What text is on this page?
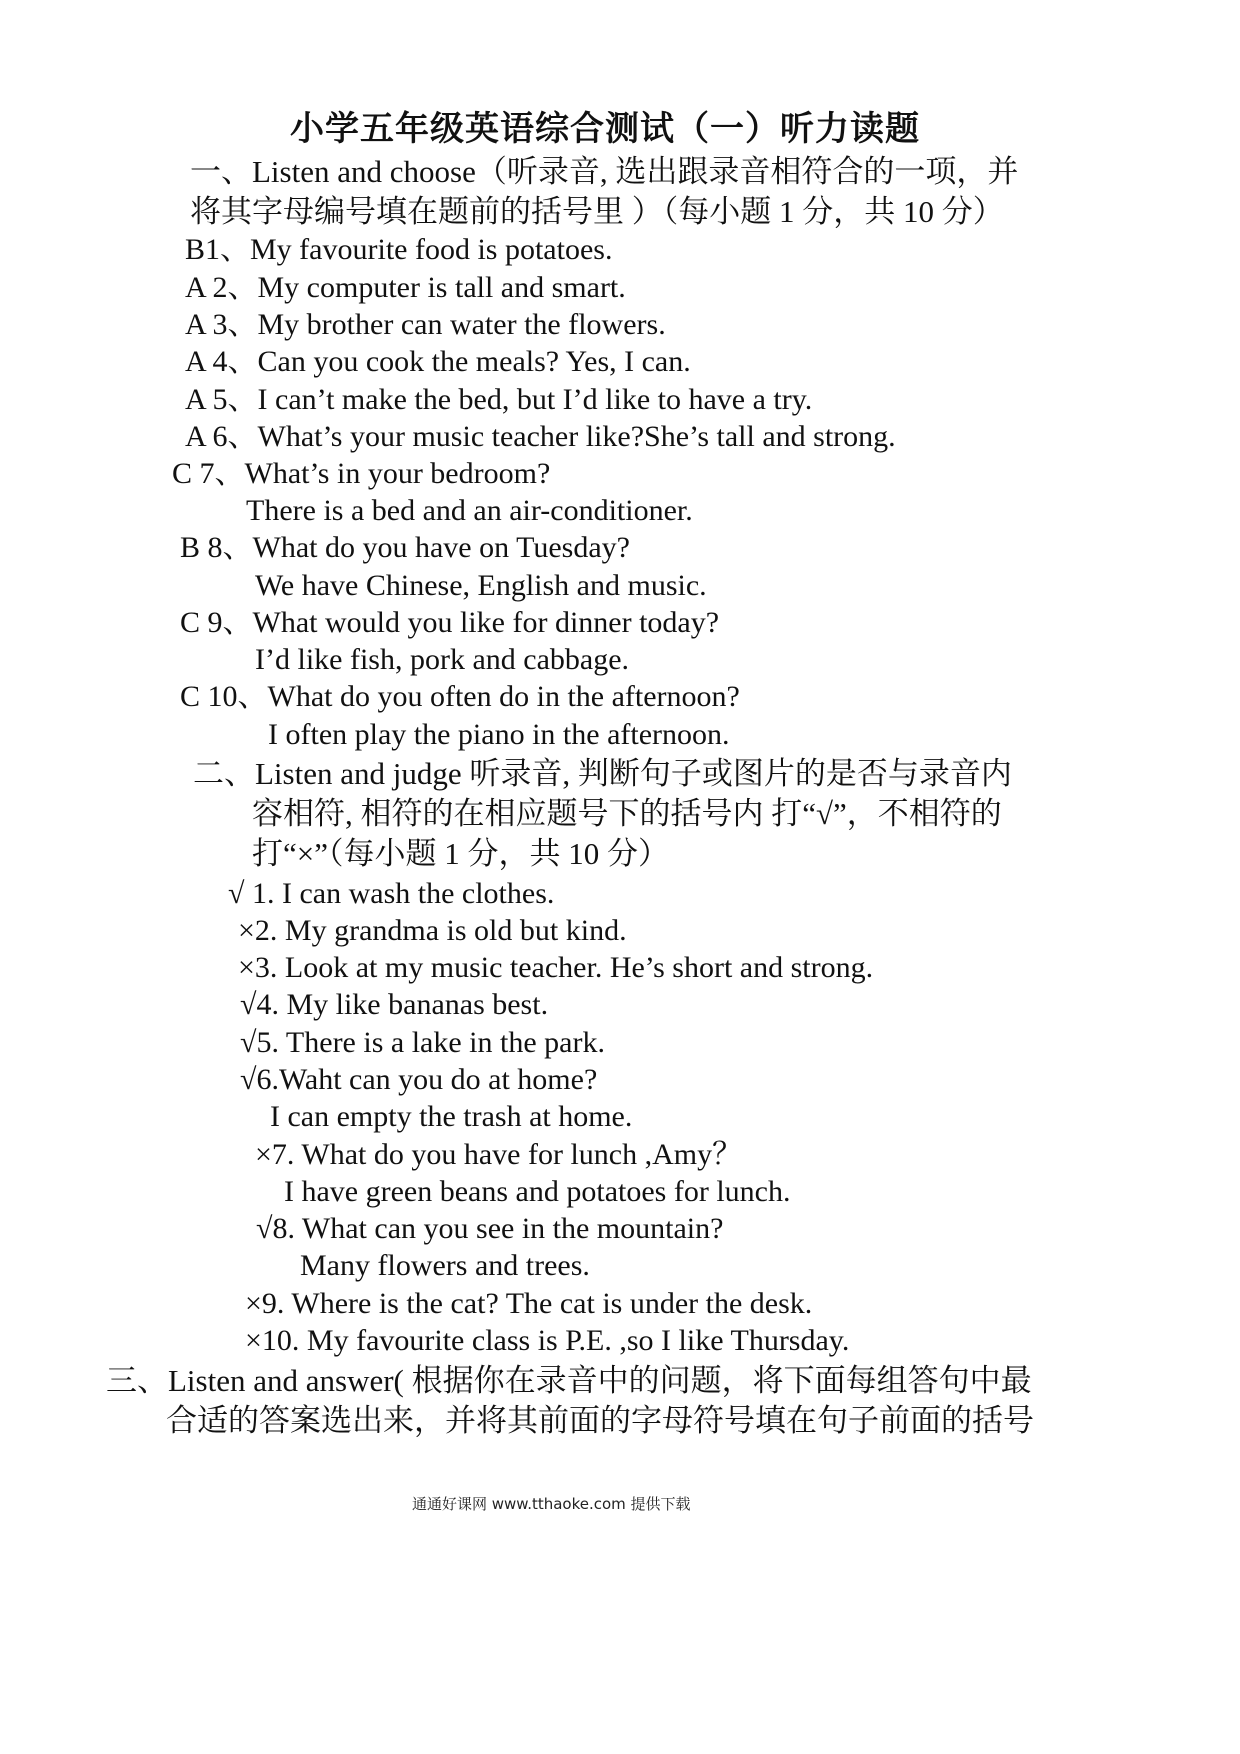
小学五年级英语综合测试（一）听力读题
一、Listen and choose（听录音, 选出跟录音相符合的一项，并
将其字母编号填在题前的括号里 ）（每小题 1 分，共 10 分）
B1、My favourite food is potatoes.
A 2、My computer is tall and smart.
A 3、My brother can water the flowers.
A 4、Can you cook the meals? Yes, I can.
A 5、I can’t make the bed, but I’d like to have a try.
A 6、What’s your music teacher like?She’s tall and strong.
C 7、What’s in your bedroom?
There is a bed and an air-conditioner.
B 8、What do you have on Tuesday?
We have Chinese, English and music.
C 9、What would you like for dinner today?
I’d like fish, pork and cabbage.
C 10、What do you often do in the afternoon?
I often play the piano in the afternoon.
二、Listen and judge 听录音, 判断句子或图片的是否与录音内
容相符, 相符的在相应题号下的括号内 打“√”，不相符的
打“×”（每小题 1 分，共 10 分）
√ 1. I can wash the clothes.
×2. My grandma is old but kind.
×3. Look at my music teacher. He’s short and strong.
√4. My like bananas best.
√5. There is a lake in the park.
√6.Waht can you do at home?
I can empty the trash at home.
×7. What do you have for lunch ,Amy？
I have green beans and potatoes for lunch.
√8. What can you see in the mountain?
Many flowers and trees.
×9. Where is the cat? The cat is under the desk.
×10. My favourite class is P.E. ,so I like Thursday.
三、Listen and answer( 根据你在录音中的问题，将下面每组答句中最
合适的答案选出来，并将其前面的字母符号填在句子前面的括号
通通好课网 www.tthaoke.com 提供下载
